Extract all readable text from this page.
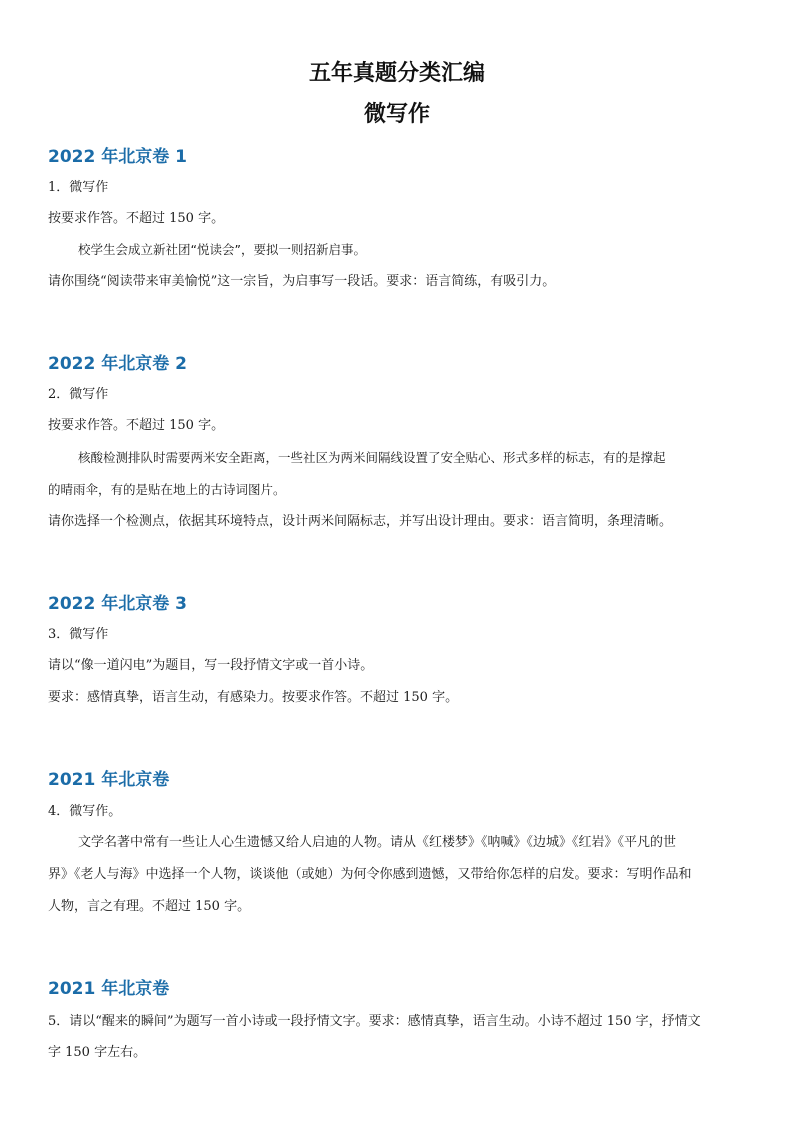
五年真题分类汇编
微写作
2022 年北京卷 1

1．微写作

按要求作答。不超过 150 字。

校学生会成立新社团“悦读会”，要拟一则招新启事。

请你围绕“阅读带来审美愉悦”这一宗旨，为启事写一段话。要求：语言简练，有吸引力。

2022 年北京卷 2

2．微写作

按要求作答。不超过 150 字。

核酸检测排队时需要两米安全距离，一些社区为两米间隔线设置了安全贴心、形式多样的标志，有的是撑起

的晴雨伞，有的是贴在地上的古诗词图片。

请你选择一个检测点，依据其环境特点，设计两米间隔标志，并写出设计理由。要求：语言简明，条理清晰。

2022 年北京卷 3

3．微写作

请以“像一道闪电”为题目，写一段抒情文字或一首小诗。

要求：感情真挚，语言生动，有感染力。按要求作答。不超过 150 字。

2021 年北京卷

4．微写作。

文学名著中常有一些让人心生遗憾又给人启迪的人物。请从《红楼梦》《呐喊》《边城》《红岩》《平凡的世

界》《老人与海》中选择一个人物，谈谈他（或她）为何令你感到遗憾，又带给你怎样的启发。要求：写明作品和

人物，言之有理。不超过 150 字。

2021 年北京卷

5．请以“醒来的瞬间”为题写一首小诗或一段抒情文字。要求：感情真挚，语言生动。小诗不超过 150 字，抒情文

字 150 字左右。
